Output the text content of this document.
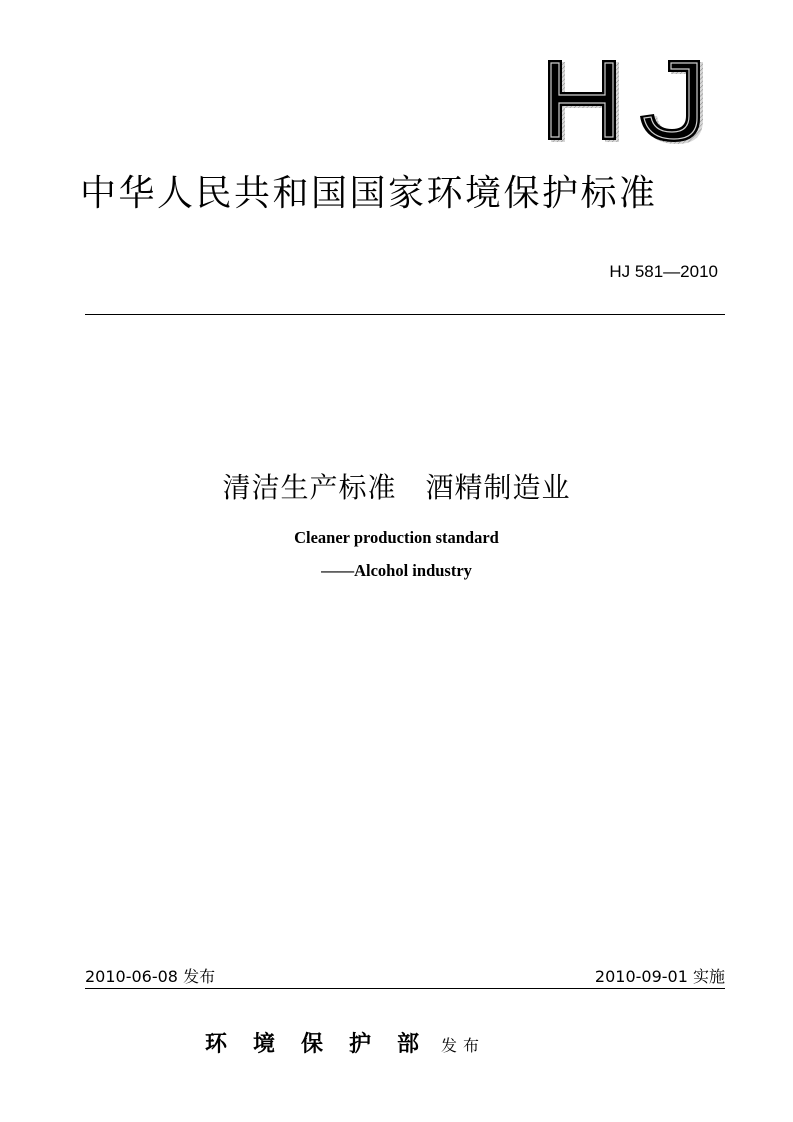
中华人民共和国国家环境保护标准
HJ 581—2010
清洁生产标准　酒精制造业
Cleaner production standard
——Alcohol industry
2010-06-08 发布	2010-09-01 实施
环境保护部发布
